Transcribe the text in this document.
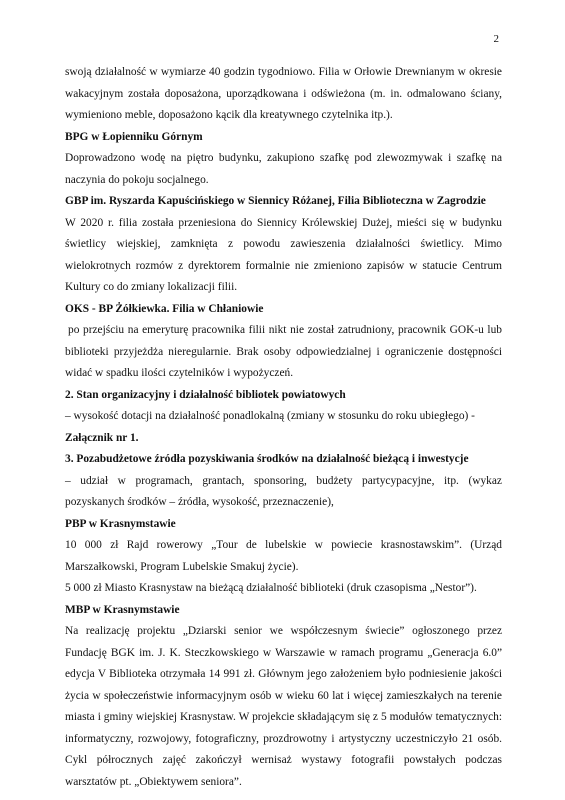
2

swoją działalność w wymiarze 40 godzin tygodniowo. Filia w Orłowie Drewnianym w okresie wakacyjnym została doposażona, uporządkowana i odświeżona (m. in. odmalowano ściany, wymieniono meble, doposażono kącik dla kreatywnego czytelnika itp.).

BPG w Łopienniku Górnym

Doprowadzono wodę na piętro budynku, zakupiono szafkę pod zlewozmywak i szafkę na naczynia do pokoju socjalnego.

GBP im. Ryszarda Kapuścińskiego w Siennicy Różanej, Filia Biblioteczna w Zagrodzie

W 2020 r. filia została przeniesiona do Siennicy Królewskiej Dużej, mieści się w budynku świetlicy wiejskiej, zamknięta z powodu zawieszenia działalności świetlicy. Mimo wielokrotnych rozmów z dyrektorem formalnie nie zmieniono zapisów w statucie Centrum Kultury co do zmiany lokalizacji filii.

OKS - BP Żółkiewka. Filia w Chłaniowie

po przejściu na emeryturę pracownika filii nikt nie został zatrudniony, pracownik GOK-u lub biblioteki przyjeżdża nieregularnie. Brak osoby odpowiedzialnej i ograniczenie dostępności widać w spadku ilości czytelników i wypożyczeń.

2. Stan organizacyjny i działalność bibliotek powiatowych

– wysokość dotacji na działalność ponadlokalną (zmiany w stosunku do roku ubiegłego) -

Załącznik nr 1.

3. Pozabudżetowe źródła pozyskiwania środków na działalność bieżącą i inwestycje

– udział w programach, grantach, sponsoring, budżety partycypacyjne, itp. (wykaz pozyskanych środków – źródła, wysokość, przeznaczenie),

PBP w Krasnymstawie

10 000 zł Rajd rowerowy „Tour de lubelskie w powiecie krasnostawskim”. (Urząd Marszałkowski, Program Lubelskie Smakuj życie).

5 000 zł Miasto Krasnystaw na bieżącą działalność biblioteki (druk czasopisma „Nestor”).

MBP w Krasnymstawie

Na realizację projektu „Dziarski senior we współczesnym świecie” ogłoszonego przez Fundację BGK im. J. K. Steczkowskiego w Warszawie w ramach programu „Generacja 6.0” edycja V Biblioteka otrzymała 14 991 zł. Głównym jego założeniem było podniesienie jakości życia w społeczeństwie informacyjnym osób w wieku 60 lat i więcej zamieszkałych na terenie miasta i gminy wiejskiej Krasnystaw. W projekcie składającym się z 5 modułów tematycznych: informatyczny, rozwojowy, fotograficzny, prozdrowotny i artystyczny uczestniczyło 21 osób. Cykl półrocznych zajęć zakończył wernisaż wystawy fotografii powstałych podczas warsztatów pt. „Obiektywem seniora”.
